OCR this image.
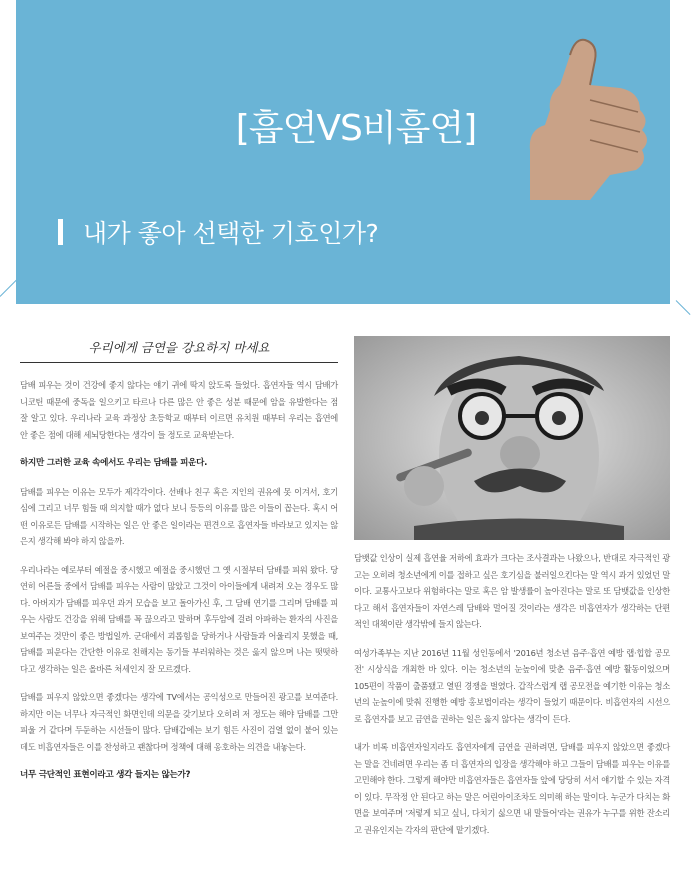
[흡연VS비흡연]
내가 좋아 선택한 기호인가?
우리에게 금연을 강요하지 마세요

담배 피우는 것이 건강에 좋지 않다는 얘기 귀에 딱지 앉도록 들었다. 흡연자들 역시 담배가 니코틴 때문에 중독을 일으키고 타르나 다른 많은 안 좋은 성분 때문에 암을 유발한다는 점 잘 알고 있다. 우리나라 교육 과정상 초등학교 때부터 이르면 유치원 때부터 우리는 흡연에 안 좋은 점에 대해 세뇌당한다는 생각이 들 정도로 교육받는다.

하지만 그러한 교육 속에서도 우리는 담배를 피운다.

담배를 피우는 이유는 모두가 제각각이다. 선배나 친구 혹은 지인의 권유에 못 이겨서, 호기심에 그리고 너무 힘들 때 의지할 때가 없다 보니 등등의 이유를 많은 이들이 꼽는다. 혹시 어떤 이유로든 담배를 시작하는 일은 안 좋은 일이라는 편견으로 흡연자들 바라보고 있지는 않은지 생각해 봐야 하지 않을까.

우리나라는 예로부터 예절을 중시했고 예절을 중시했던 그 옛 시절부터 담배를 피워 왔다. 당연히 어른들 중에서 담배를 피우는 사람이 많았고 그것이 아이들에게 내려져 오는 경우도 많다. 아버지가 담배를 피우던 과거 모습을 보고 돌아가신 후, 그 담배 연기를 그리며 담배를 피우는 사람도 건강을 위해 담배를 꼭 끊으라고 말하며 후두암에 걸려 아파하는 환자의 사진을 보여주는 것만이 좋은 방법일까. 군대에서 괴롭힘을 당하거나 사람들과 어울리지 못했을 때, 담배를 피운다는 간단한 이유로 친해지는 동기들 부러워하는 것은 옳지 않으며 나는 떳떳하다고 생각하는 일은 올바른 처세인지 잘 모르겠다.

담배를 피우지 않았으면 좋겠다는 생각에 TV에서는 공익성으로 만들어진 광고를 보여준다. 하지만 이는 너무나 자극적인 화면인데 의문을 갖기보다 오히려 저 정도는 해야 담배를 그만 피울 거 같다며 두둔하는 시선들이 많다. 담배갑에는 보기 힘든 사진이 검열 없이 붙어 있는데도 비흡연자들은 이를 찬성하고 괜찮다며 정책에 대해 옹호하는 의견을 내놓는다.

너무 극단적인 표현이라고 생각 들지는 않는가?

담뱃값 인상이 실제 흡연율 저하에 효과가 크다는 조사결과는 나왔으나, 반대로 자극적인 광고는 오히려 청소년에게 이를 접하고 싶은 호기심을 불러일으킨다는 말 역시 과거 있었던 말이다. 교통사고보다 위험하다는 말로 혹은 암 발생률이 높아진다는 말로 또 담뱃값을 인상한다고 해서 흡연자들이 자연스레 담배와 멀어질 것이라는 생각은 비흡연자가 생각하는 단편적인 대책이란 생각밖에 들지 않는다.

여성가족부는 지난 2016년 11월 성인동에서 '2016년 청소년 음주·흡연 예방 랩·힙합 공모전' 시상식을 개최한 바 있다. 이는 청소년의 눈높이에 맞춘 음주·흡연 예방 활동이었으며 105편이 작품이 출품됐고 열띤 경쟁을 벌였다. 갑작스럽게 랩 공모전을 예기한 이유는 청소년의 눈높이에 맞춰 진행한 예방 홍보법이라는 생각이 들었기 때문이다. 비흡연자의 시선으로 흡연자를 보고 금연을 권하는 일은 옳지 않다는 생각이 든다.

내가 비록 비흡연자일지라도 흡연자에게 금연을 권하려면, 담배를 피우지 않았으면 좋겠다는 말을 건네려면 우리는 좀 더 흡연자의 입장을 생각해야 하고 그들이 담배를 피우는 이유를 고민해야 한다. 그렇게 해야만 비흡연자들은 흡연자들 앞에 당당히 서서 얘기할 수 있는 자격이 있다. 무작정 안 된다고 하는 말은 어린아이조차도 의미해 하는 말이다. 누군가 다치는 화면을 보여주며 '저렇게 되고 싶니, 다치기 싫으면 내 말들어'라는 권유가 누구를 위한 잔소리고 권유인지는 각자의 판단에 맡기겠다.
